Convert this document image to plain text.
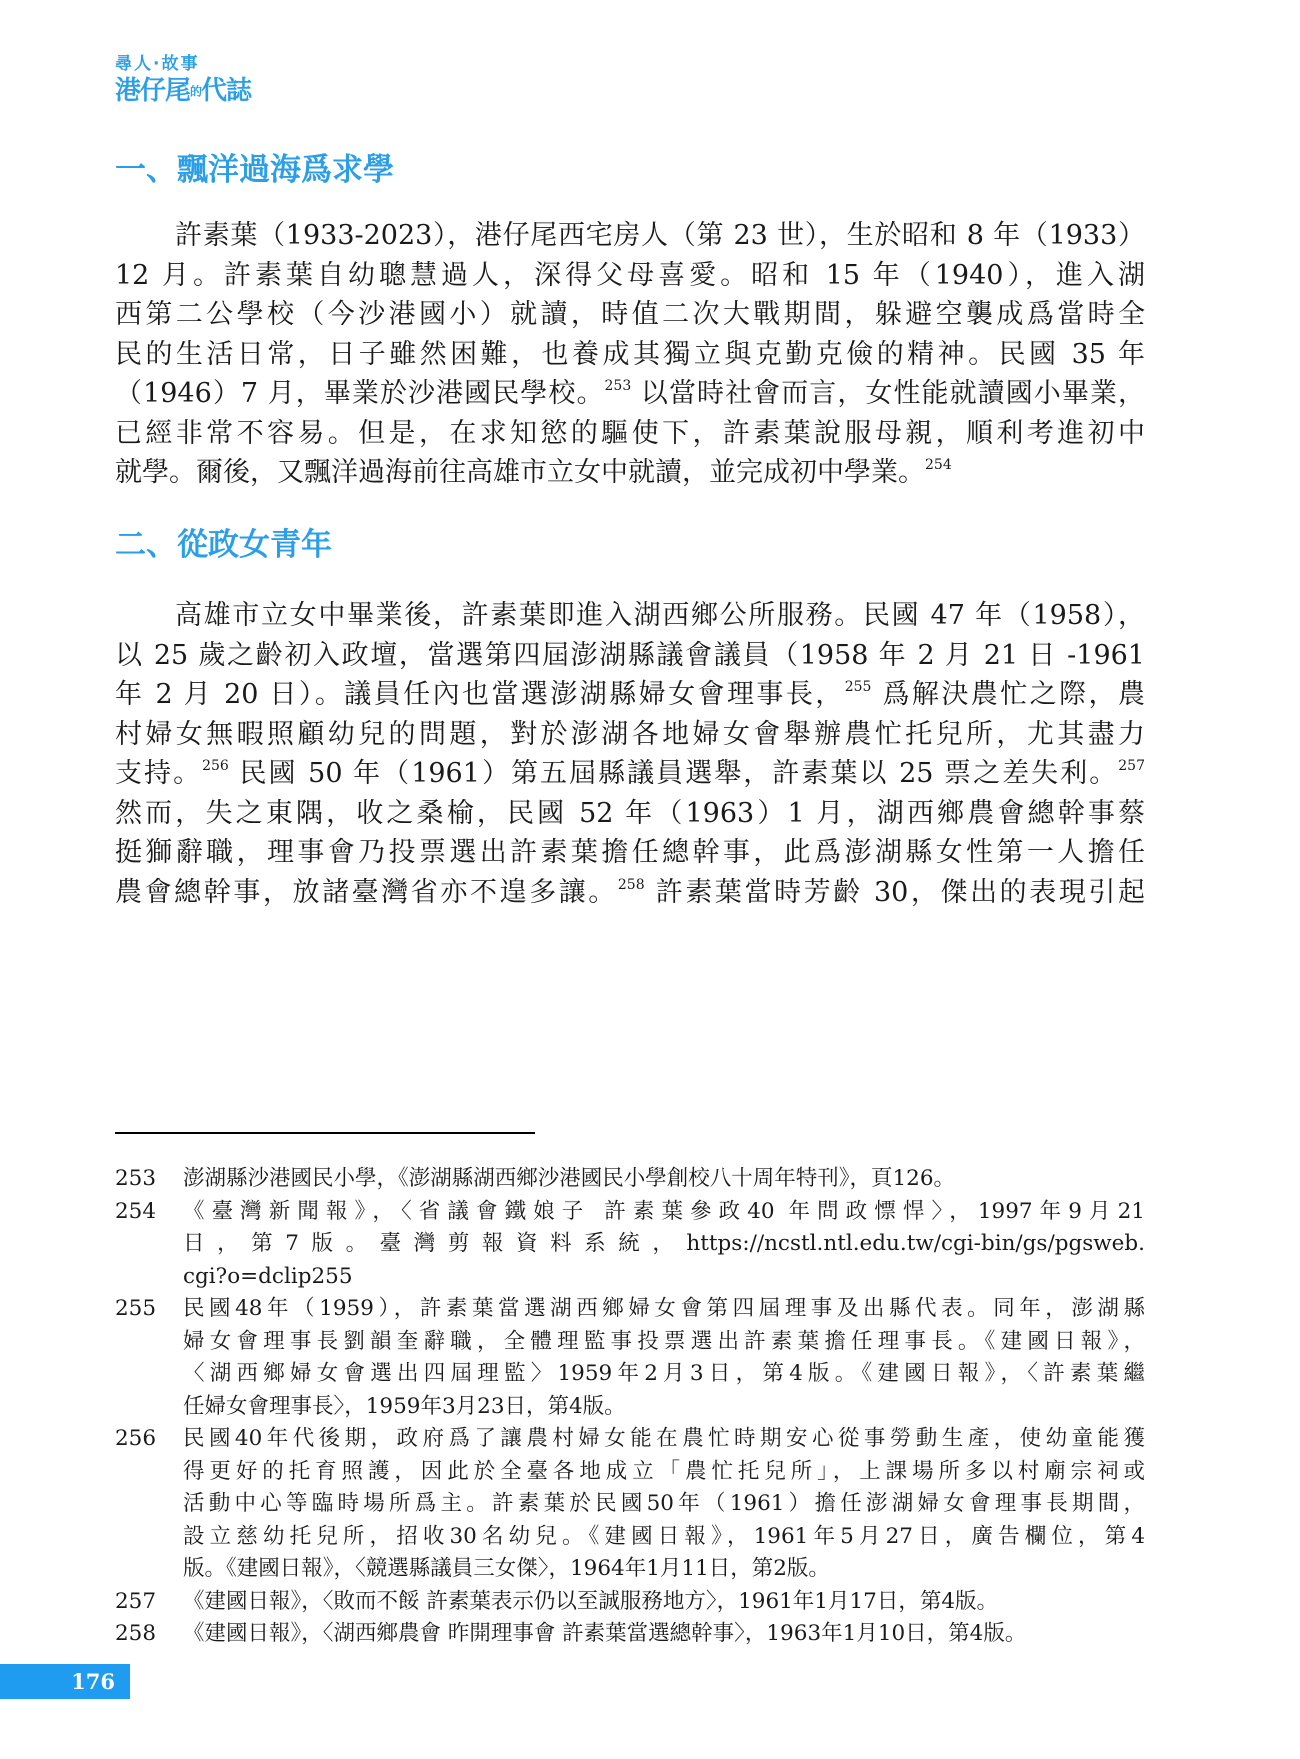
尋人·故事
港仔尾的代誌
一、飄洋過海爲求學
許素葉（1933-2023），港仔尾西宅房人（第 23 世），生於昭和 8 年（1933）
12 月。許素葉自幼聰慧過人，深得父母喜愛。昭和 15 年（1940），進入湖
西第二公學校（今沙港國小）就讀，時值二次大戰期間，躲避空襲成爲當時全
民的生活日常，日子雖然困難，也養成其獨立與克勤克儉的精神。民國 35 年
（1946）7 月，畢業於沙港國民學校。$^{253}$ 以當時社會而言，女性能就讀國小畢業，
已經非常不容易。但是，在求知慾的驅使下，許素葉說服母親，順利考進初中
就學。爾後，又飄洋過海前往高雄市立女中就讀，並完成初中學業。$^{254}$
二、從政女青年
高雄市立女中畢業後，許素葉即進入湖西鄉公所服務。民國 47 年（1958），
以 25 歲之齡初入政壇，當選第四屆澎湖縣議會議員（1958 年 2 月 21 日 -1961
年 2 月 20 日）。議員任內也當選澎湖縣婦女會理事長，$^{255}$ 爲解決農忙之際，農
村婦女無暇照顧幼兒的問題，對於澎湖各地婦女會舉辦農忙托兒所，尤其盡力
支持。$^{256}$ 民國 50 年（1961）第五屆縣議員選舉，許素葉以 25 票之差失利。$^{257}$
然而，失之東隅，收之桑榆，民國 52 年（1963）1 月，湖西鄉農會總幹事蔡
挺獅辭職，理事會乃投票選出許素葉擔任總幹事，此爲澎湖縣女性第一人擔任
農會總幹事，放諸臺灣省亦不遑多讓。$^{258}$ 許素葉當時芳齡 30，傑出的表現引起
253	澎湖縣沙港國民小學，《澎湖縣湖西鄉沙港國民小學創校八十周年特刊》，頁126。
254	《臺灣新聞報》，〈省議會鐵娘子 許素葉參政40 年問政慓悍〉，1997年9月21
日，第7版。臺灣剪報資料系統，https://ncstl.ntl.edu.tw/cgi-bin/gs/pgsweb.
cgi?o=dclip255
255	民國48年（1959），許素葉當選湖西鄉婦女會第四屆理事及出縣代表。同年，澎湖縣
婦女會理事長劉韻奎辭職，全體理監事投票選出許素葉擔任理事長。《建國日報》，
〈湖西鄉婦女會選出四屆理監〉1959年2月3日，第4版。《建國日報》，〈許素葉繼
任婦女會理事長〉，1959年3月23日，第4版。
256	民國40年代後期，政府爲了讓農村婦女能在農忙時期安心從事勞動生產，使幼童能獲
得更好的托育照護，因此於全臺各地成立「農忙托兒所」，上課場所多以村廟宗祠或
活動中心等臨時場所爲主。許素葉於民國50年（1961）擔任澎湖婦女會理事長期間，
設立慈幼托兒所，招收30名幼兒。《建國日報》，1961年5月27日，廣告欄位，第4
版。《建國日報》，〈競選縣議員三女傑〉，1964年1月11日，第2版。
257	《建國日報》，〈敗而不餒 許素葉表示仍以至誠服務地方〉，1961年1月17日，第4版。
258	《建國日報》，〈湖西鄉農會 昨開理事會 許素葉當選總幹事〉，1963年1月10日，第4版。
176
